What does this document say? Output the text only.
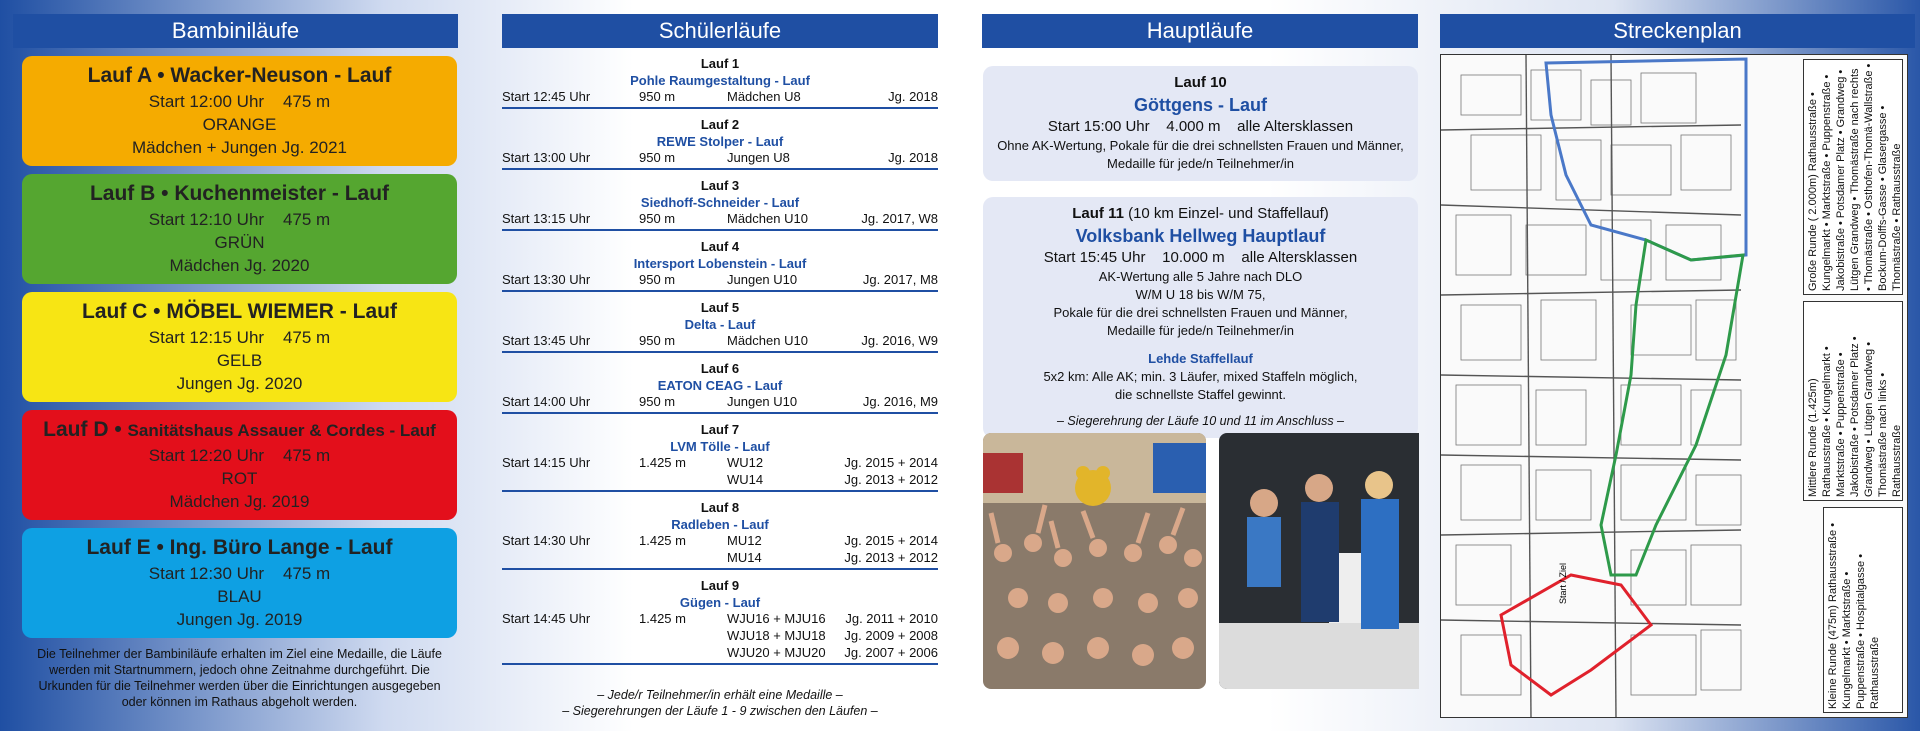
Bambiniläufe
Lauf A • Wacker-Neuson - Lauf
Start 12:00 Uhr    475 m
ORANGE
Mädchen + Jungen Jg. 2021
Lauf B • Kuchenmeister - Lauf
Start 12:10 Uhr    475 m
GRÜN
Mädchen Jg. 2020
Lauf C • MÖBEL WIEMER - Lauf
Start 12:15 Uhr    475 m
GELB
Jungen Jg. 2020
Lauf D • Sanitätshaus Assauer & Cordes - Lauf
Start 12:20 Uhr    475 m
ROT
Mädchen Jg. 2019
Lauf E • Ing. Büro Lange - Lauf
Start 12:30 Uhr    475 m
BLAU
Jungen Jg. 2019
Die Teilnehmer der Bambiniläufe erhalten im Ziel eine Medaille, die Läufe werden mit Startnummern, jedoch ohne Zeitnahme durchgeführt. Die Urkunden für die Teilnehmer werden über die Einrichtungen ausgegeben oder können im Rathaus abgeholt werden.
Schülerläufe
Lauf 1
Pohle Raumgestaltung - Lauf
Start 12:45 Uhr	950 m	Mädchen U8	Jg. 2018
Lauf 2
REWE Stolper - Lauf
Start 13:00 Uhr	950 m	Jungen U8	Jg. 2018
Lauf 3
Siedhoff-Schneider - Lauf
Start 13:15 Uhr	950 m	Mädchen U10	Jg. 2017, W8
Lauf 4
Intersport Lobenstein - Lauf
Start 13:30 Uhr	950 m	Jungen U10	Jg. 2017, M8
Lauf 5
Delta - Lauf
Start 13:45 Uhr	950 m	Mädchen U10	Jg. 2016, W9
Lauf 6
EATON CEAG - Lauf
Start 14:00 Uhr	950 m	Jungen U10	Jg. 2016, M9
Lauf 7
LVM Tölle - Lauf
Start 14:15 Uhr	1.425 m	WU12	Jg. 2015 + 2014
WU14	Jg. 2013 + 2012
Lauf 8
Radleben - Lauf
Start 14:30 Uhr	1.425 m	MU12	Jg. 2015 + 2014
MU14	Jg. 2013 + 2012
Lauf 9
Gügen - Lauf
Start 14:45 Uhr	1.425 m	WJU16 + MJU16 Jg. 2011 + 2010
WJU18 + MJU18 Jg. 2009 + 2008
WJU20 + MJU20 Jg. 2007 + 2006
– Jede/r Teilnehmer/in erhält eine Medaille –
– Siegerehrungen der Läufe 1 - 9 zwischen den Läufen –
Hauptläufe
Lauf 10
Göttgens - Lauf
Start 15:00 Uhr    4.000 m    alle Altersklassen
Ohne AK-Wertung, Pokale für die drei schnellsten Frauen und Männer,
Medaille für jede/n Teilnehmer/in
Lauf 11 (10 km Einzel- und Staffellauf)
Volksbank Hellweg Hauptlauf
Start 15:45 Uhr    10.000 m    alle Altersklassen
AK-Wertung alle 5 Jahre nach DLO
W/M U 18 bis W/M 75,
Pokale für die drei schnellsten Frauen und Männer,
Medaille für jede/n Teilnehmer/in
Lehde Staffellauf
5x2 km: Alle AK; min. 3 Läufer, mixed Staffeln möglich,
die schnellste Staffel gewinnt.
– Siegerehrung der Läufe 10 und 11 im Anschluss –
Streckenplan
Große Runde ( 2.000m) Rathausstraße • Kungelmarkt • Marktstraße • Puppenstraße • Jakobistraße • Potsdamer Platz • Grandweg • Lütgen Grandweg • Thomästraße nach rechts • Thomästraße • Osthofen-Thomä-Wallstraße • Bockum-Dolffs-Gasse • Glasergasse • Thomästraße • Rathausstraße
Mittlere Runde (1.425m) Rathausstraße • Kungelmarkt • Marktstraße • Puppenstraße • Jakobistraße • Potsdamer Platz • Grandweg • Lütgen Grandweg • Thomästraße nach links • Rathausstraße
Kleine Runde (475m) Rathausstraße • Kungelmarkt • Marktstraße • Puppenstraße • Hospitalgasse • Rathausstraße
Start / Ziel
